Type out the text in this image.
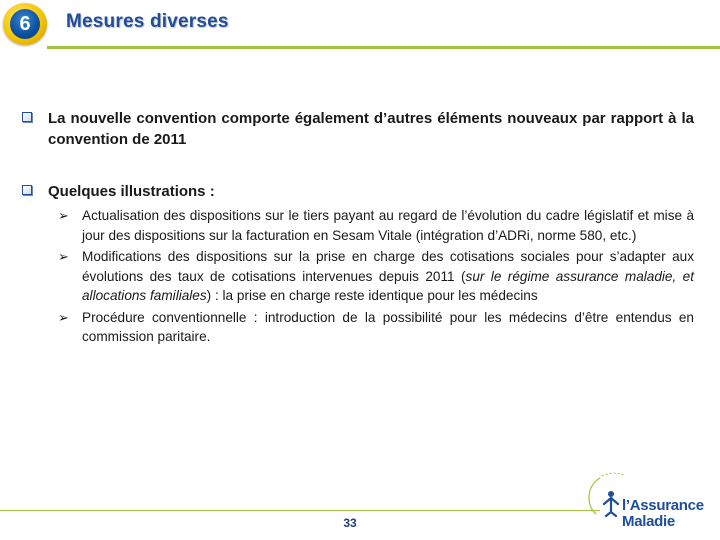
6	Mesures diverses
La nouvelle convention comporte également d’autres éléments nouveaux par rapport à la convention de 2011
Quelques illustrations :
➢ Actualisation des dispositions sur le tiers payant au regard de l’évolution du cadre législatif et mise à jour des dispositions sur la facturation en Sesam Vitale (intégration d’ADRi, norme 580, etc.)
➢ Modifications des dispositions sur la prise en charge des cotisations sociales pour s’adapter aux évolutions des taux de cotisations intervenues depuis 2011 (sur le régime assurance maladie, et allocations familiales) : la prise en charge reste identique pour les médecins
➢ Procédure conventionnelle : introduction de la possibilité pour les médecins d’être entendus en commission paritaire.
33
l’Assurance
Maladie
